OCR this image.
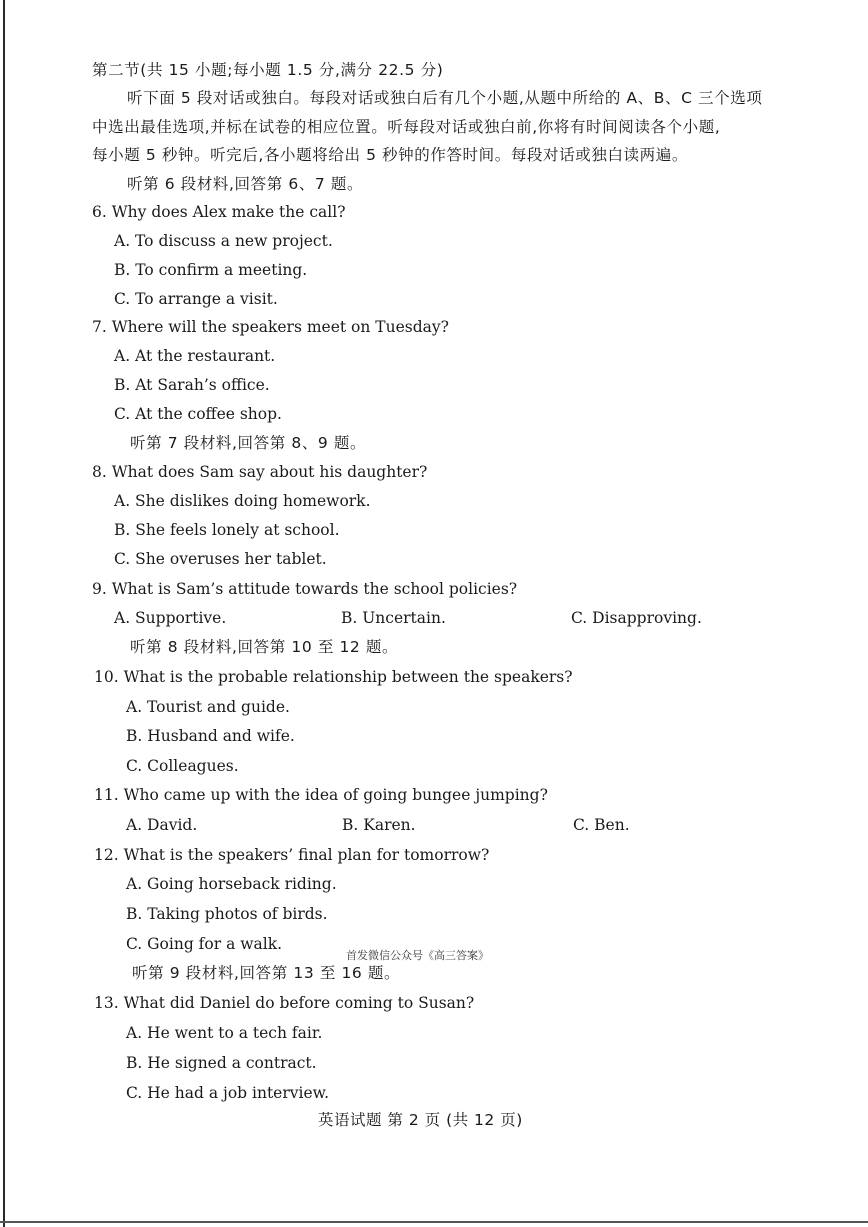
第二节(共 15 小题;每小题 1.5 分,满分 22.5 分)
听下面 5 段对话或独白。每段对话或独白后有几个小题,从题中所给的 A、B、C 三个选项
中选出最佳选项,并标在试卷的相应位置。听每段对话或独白前,你将有时间阅读各个小题,
每小题 5 秒钟。听完后,各小题将给出 5 秒钟的作答时间。每段对话或独白读两遍。
听第 6 段材料,回答第 6、7 题。
6. Why does Alex make the call?
A. To discuss a new project.
B. To confirm a meeting.
C. To arrange a visit.
7. Where will the speakers meet on Tuesday?
A. At the restaurant.
B. At Sarah’s office.
C. At the coffee shop.
听第 7 段材料,回答第 8、9 题。
8. What does Sam say about his daughter?
A. She dislikes doing homework.
B. She feels lonely at school.
C. She overuses her tablet.
9. What is Sam’s attitude towards the school policies?
A. Supportive.	B. Uncertain.	C. Disapproving.
听第 8 段材料,回答第 10 至 12 题。
10. What is the probable relationship between the speakers?
A. Tourist and guide.
B. Husband and wife.
C. Colleagues.
11. Who came up with the idea of going bungee jumping?
A. David.	B. Karen.	C. Ben.
12. What is the speakers’ final plan for tomorrow?
A. Going horseback riding.
B. Taking photos of birds.
C. Going for a walk.
首发微信公众号《高三答案》
听第 9 段材料,回答第 13 至 16 题。
13. What did Daniel do before coming to Susan?
A. He went to a tech fair.
B. He signed a contract.
C. He had a job interview.
英语试题 第 2 页 (共 12 页)
